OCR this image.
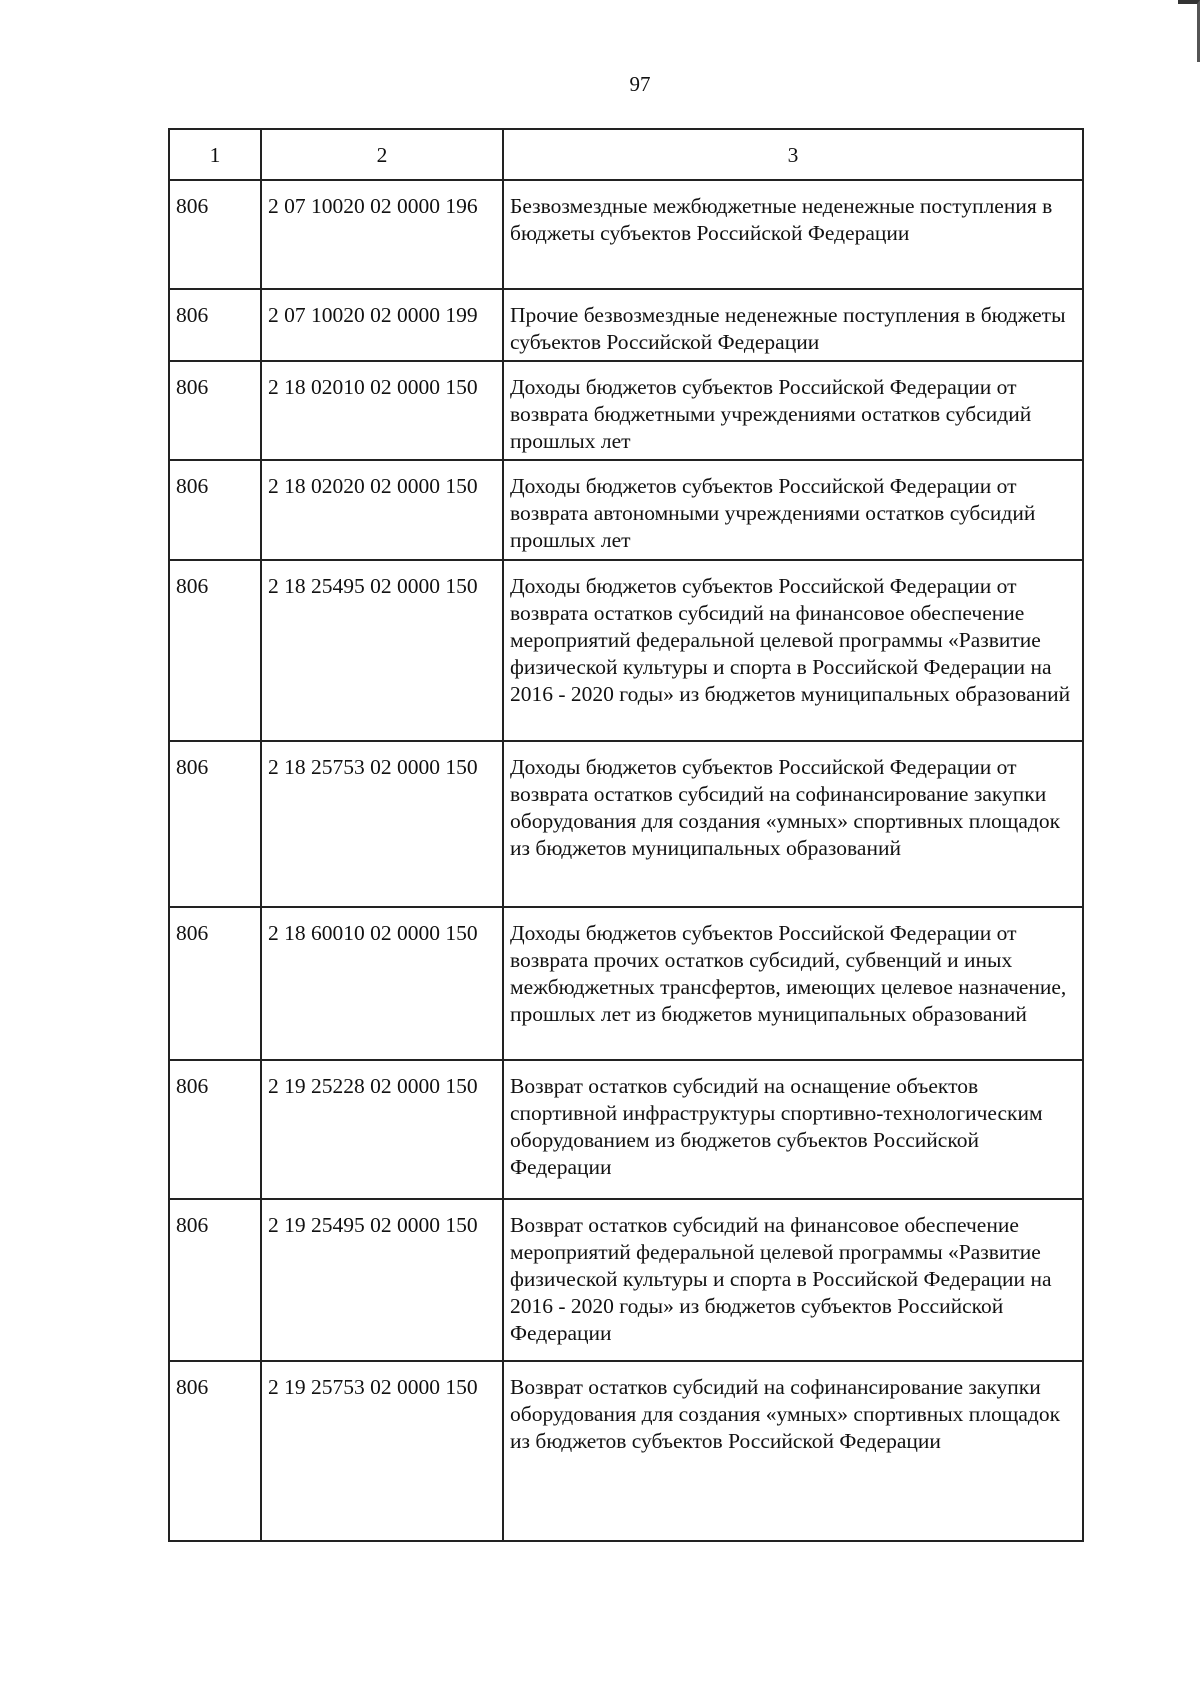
97
1	2	3
806	2 07 10020 02 0000 196	Безвозмездные межбюджетные неденежные поступления в бюджеты субъектов Российской Федерации
806	2 07 10020 02 0000 199	Прочие безвозмездные неденежные поступления в бюджеты субъектов Российской Федерации
806	2 18 02010 02 0000 150	Доходы бюджетов субъектов Российской Федерации от возврата бюджетными учреждениями остатков субсидий прошлых лет
806	2 18 02020 02 0000 150	Доходы бюджетов субъектов Российской Федерации от возврата автономными учреждениями остатков субсидий прошлых лет
806	2 18 25495 02 0000 150	Доходы бюджетов субъектов Российской Федерации от возврата остатков субсидий на финансовое обеспечение мероприятий федеральной целевой программы «Развитие физической культуры и спорта в Российской Федерации на 2016 - 2020 годы» из бюджетов муниципальных образований
806	2 18 25753 02 0000 150	Доходы бюджетов субъектов Российской Федерации от возврата остатков субсидий на софинансирование закупки оборудования для создания «умных» спортивных площадок из бюджетов муниципальных образований
806	2 18 60010 02 0000 150	Доходы бюджетов субъектов Российской Федерации от возврата прочих остатков субсидий, субвенций и иных межбюджетных трансфертов, имеющих целевое назначение, прошлых лет из бюджетов муниципальных образований
806	2 19 25228 02 0000 150	Возврат остатков субсидий на оснащение объектов спортивной инфраструктуры спортивно-технологическим оборудованием из бюджетов субъектов Российской Федерации
806	2 19 25495 02 0000 150	Возврат остатков субсидий на финансовое обеспечение мероприятий федеральной целевой программы «Развитие физической культуры и спорта в Российской Федерации на 2016 - 2020 годы» из бюджетов субъектов Российской Федерации
806	2 19 25753 02 0000 150	Возврат остатков субсидий на софинансирование закупки оборудования для создания «умных» спортивных площадок из бюджетов субъектов Российской Федерации
